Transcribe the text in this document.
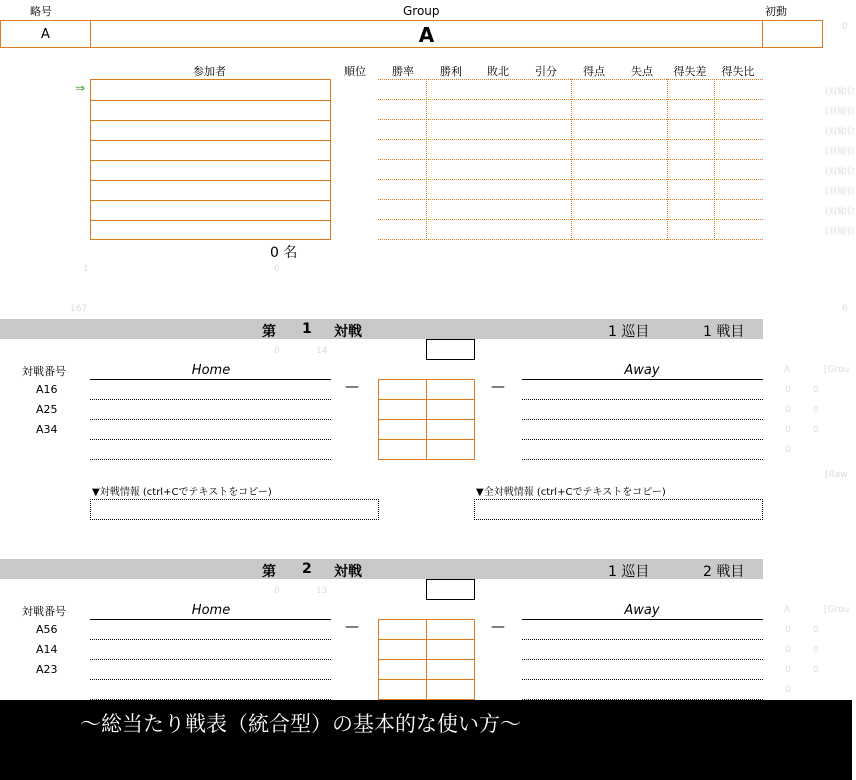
略号	Group	初動
A	A
参加者
⇒
0 名
順位 勝率 勝利 敗北 引分 得点 失点 得失差 得失比
(対順位
(対順位
(対順位
(対順位
(対順位
(対順位
(対順位
(対順位
0
1	0
167	6
第 1 対戦	1 巡目	1 戦目
0	14
A	[Grou
対戦番号	Home	Away
A16
A25
A34
—	—	0 0
0 0
0 0
0
[Raw
▼対戦情報 (ctrl+Cでテキストをコピー)	▼全対戦情報 (ctrl+Cでテキストをコピー)
第 2 対戦	1 巡目	2 戦目
0	13
A	[Grou
対戦番号	Home	Away
A56
A14
A23
—	—	0 0
0 0
0 0
0
～総当たり戦表（統合型）の基本的な使い方～
